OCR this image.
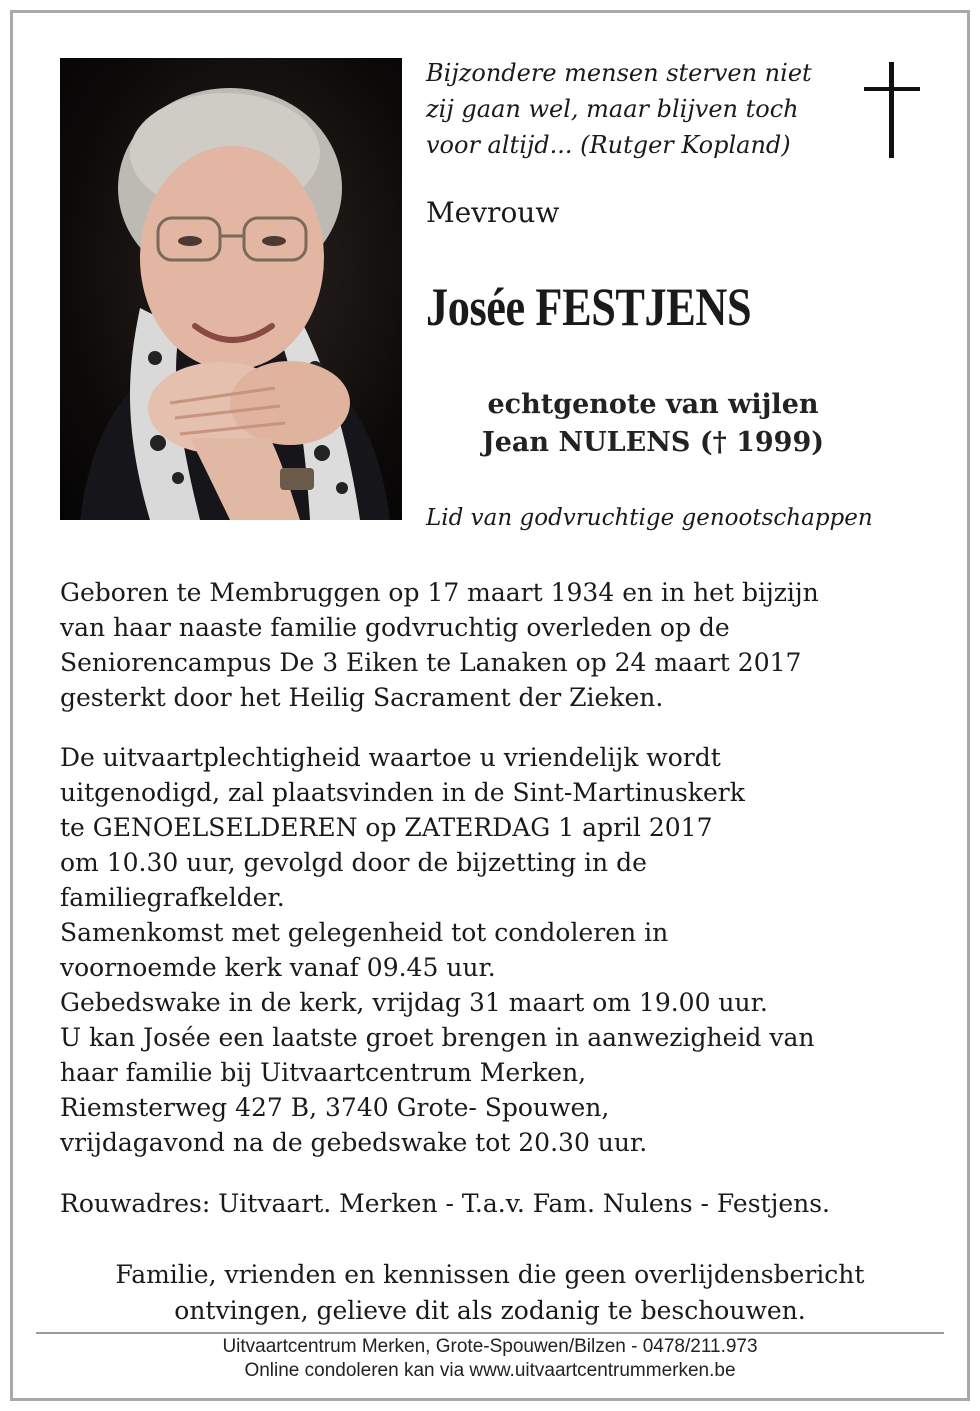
Bijzondere mensen sterven niet
zij gaan wel, maar blijven toch
voor altijd... (Rutger Kopland)
Mevrouw
Josée FESTJENS
echtgenote van wijlen
Jean NULENS († 1999)
Lid van godvruchtige genootschappen
Geboren te Membruggen op 17 maart 1934 en in het bijzijn
van haar naaste familie godvruchtig overleden op de
Seniorencampus De 3 Eiken te Lanaken op 24 maart 2017
gesterkt door het Heilig Sacrament der Zieken.
De uitvaartplechtigheid waartoe u vriendelijk wordt
uitgenodigd, zal plaatsvinden in de Sint-Martinuskerk
te GENOELSELDEREN op ZATERDAG 1 april 2017
om 10.30 uur, gevolgd door de bijzetting in de
familiegrafkelder.
Samenkomst met gelegenheid tot condoleren in
voornoemde kerk vanaf 09.45 uur.
Gebedswake in de kerk, vrijdag 31 maart om 19.00 uur.
U kan Josée een laatste groet brengen in aanwezigheid van
haar familie bij Uitvaartcentrum Merken,
Riemsterweg 427 B, 3740 Grote- Spouwen,
vrijdagavond na de gebedswake tot 20.30 uur.
Rouwadres: Uitvaart. Merken - T.a.v. Fam. Nulens - Festjens.
Familie, vrienden en kennissen die geen overlijdensbericht
ontvingen, gelieve dit als zodanig te beschouwen.
Uitvaartcentrum Merken, Grote-Spouwen/Bilzen - 0478/211.973
Online condoleren kan via www.uitvaartcentrummerken.be
